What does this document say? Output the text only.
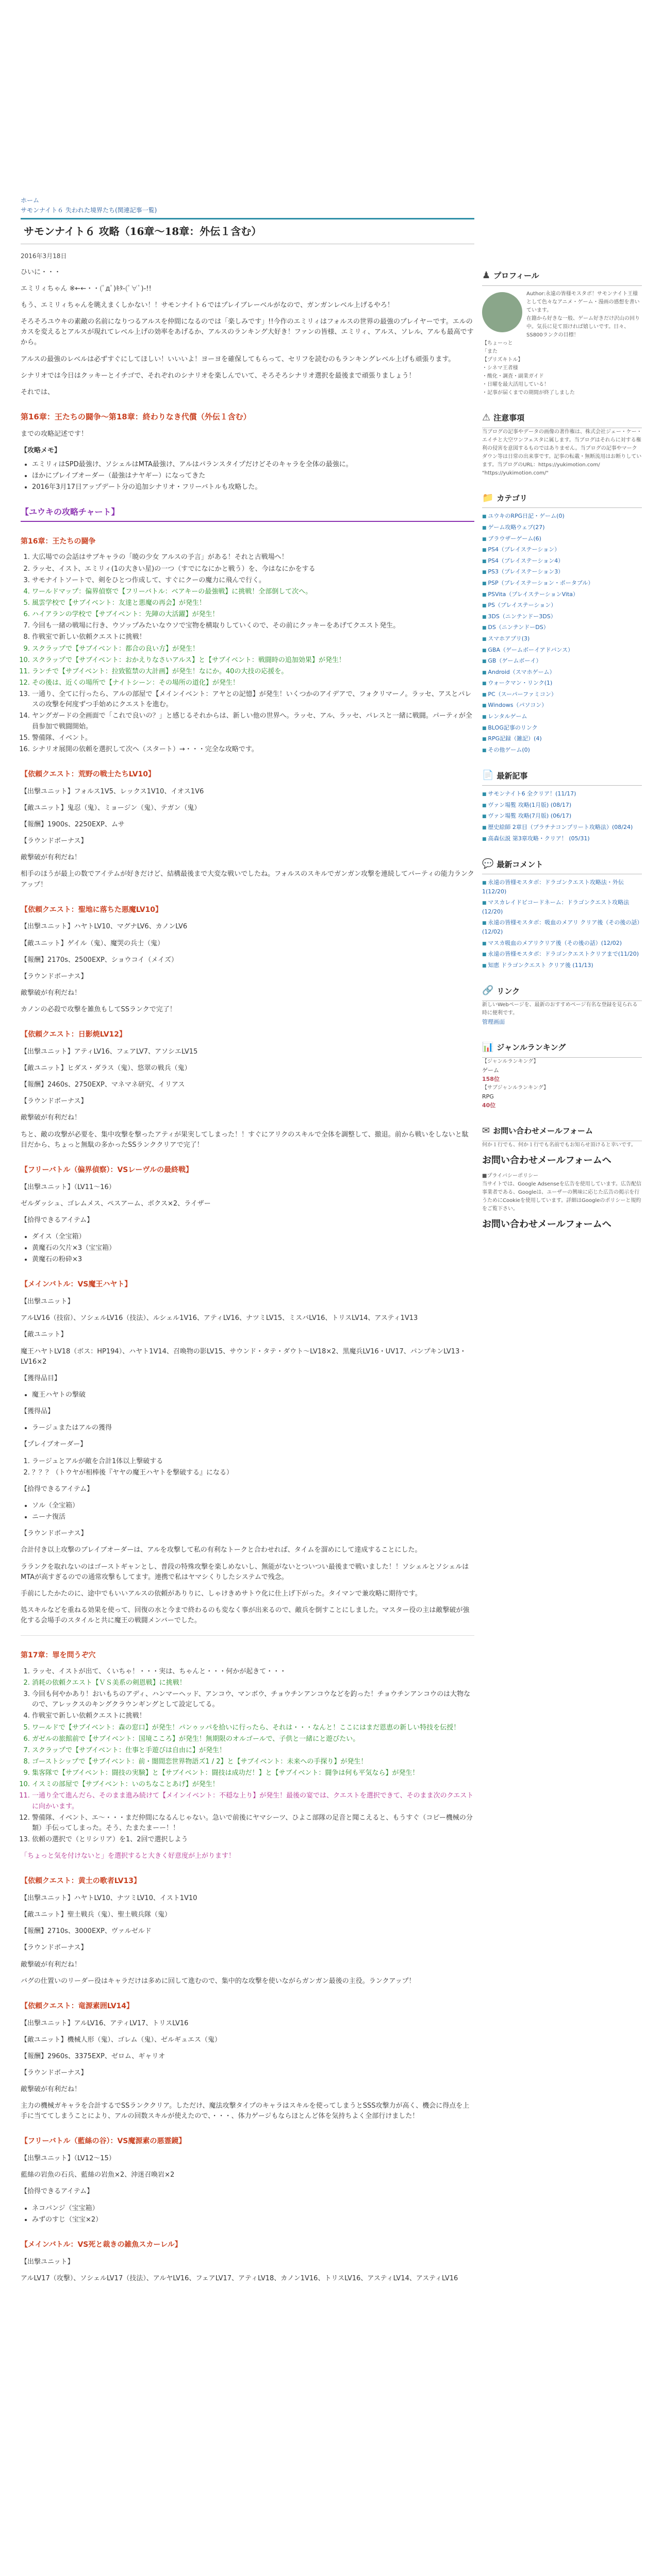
ホーム
サモンナイト６ 失われた境界たち(関連記事一覧)
サモンナイト６ 攻略（16章〜18章：外伝１含む）
2016年3月18日

ひいに・・・

エミリィちゃん ※←←・・(ﾟдﾟ)ｷﾀ-(ﾟ∀ﾟ)-!!

もう、エミリィちゃんを眺えまくしかない！！サモンナイト６ではプレイブレーベルがなので、ガンガンレベル上げるやろ！

そろそろユウキの素敵の名前になりつるアルスを仲間になるのでは「楽しみです」!!今作のエミリィはフォルスの世界の最強のプレイヤーです。エルのカスを変えるとアルスが現れてレベル上げの効率をあげるか、アルスのランキング大好き！ファンの皆様、エミリィ、アルス、ソレル、アルも最高ですから。

アルスの最強のレベルは必ずすぐにしてほしい！いいいよ！ヨーヨを確保してもらって、セリフを読むのもランキングレベル上げも頑張ります。

シナリオでは今日はクッキーとイチゴで、それぞれのシナリオを楽しんでいて、そろそろシナリオ選択を最後まで頑張りましょう！

それでは、

第16章：王たちの闘争〜第18章：終わりなき代償（外伝１含む）

までの攻略記述です！

【攻略メモ】
• エミリィはSPD最強け、ソシェルはMTA最強け、アルはパランスタイプだけどそのキャラを全体の最強に。
• ほかにプレイブオーダー（最強はナヤギー）になってきた
• 2016年3月17日アップデート分の追加シナリオ・フリーバトルも攻略した。
【ユウキの攻略チャート】
第16章：王たちの闘争
1. 大広場での会話はサブキャラの「暁の少女 アルスの予言」がある！それと古戦場へ！
2. ラッセ、イスト、エミリィ(1の大きい星)の一つ（すでになにかと戦う）を、今はなにかをする
3. サモナイトソートで、剣をひとつ作成して、すぐにクーの魔力に飛んで行く。
4. ワールドマップ：偏界偵察で【フリーバトル：ベアキーの最強戦】に挑戦！全部倒して次へ。
5. 風雲学校で【サブイベント：友達と悪魔の再会】が発生！
6. ハイアランの学校で【サブイベント：先陣の大活躍】が発生！
7. 今回も一緒の戦場に行き、ウソップみたいなウソで宝物を横取りしていくので、その前にクッキーをあげてクエスト発生。
8. 作戦室で新しい依頼クエストに挑戦！
9. スクラップで【サブイベント：都合の良い方】が発生！
10. スクラップで【サブイベント：おかえりなさいアルス】と【サブイベント：戦闘時の追加効果】が発生！
11. ランチで【サブイベント：拉致監禁の大計画】が発生！なにか。40の大技の応援を。
12. その後は、近くの場所で【ナイトシーン：その場所の道化】が発生！
13. 一通り、全てに行ったら、アルの部屋で【メインイベント：アヤとの記憶】が発生！いくつかのアイデアで、フォクリマーノ。ラッセ、アスとパレスの攻撃を何度ずつ手始めにクエストを進む。
14. ヤングガードの全画面で「これで良いの？」と感じるそれからは、新しい他の世界へ。ラッセ、アル、ラッセ、パレスと一緒に戦闘。パーティが全員参加で戦闘開始。
15. 警備隊、イベント。
16. シナリオ展開の依頼を選択して次へ（スタート）→・・・完全な攻略です。
【依頼クエスト：荒野の戦士たちLV10】

【出撃ユニット】フォルス1V5、レックス1V10、イオス1V6

【敵ユニット】鬼忍（鬼）、ミョージン（鬼）、テガン（鬼）

【報酬】1900s、2250EXP、ムサ

【ラウンドボーナス】

敵撃破が有利だね！

相手のほうが最上の数でアイテムが好きだけど、結構最後まで大変な戦いでしたね。フォルスのスキルでガンガン攻撃を連続してパーティの能力ランクアップ！

【依頼クエスト：聖地に落ちた悪魔LV10】

【出撃ユニット】ハヤトLV10、マグナLV6、カノンLV6

【敵ユニット】ゲイル（鬼）、魔哭の兵士（鬼）

【報酬】2170s、2500EXP、ショウコイ（メイズ）

【ラウンドボーナス】

敵撃破が有利だね！

カノンの必殺で攻撃を雑魚もしてSSランクで完了！

【依頼クエスト：日影焼LV12】

【出撃ユニット】アティLV16、フェアLV7、アソシエLV15

【敵ユニット】ヒダス・ダラス（鬼）、悠翠の戦兵（鬼）

【報酬】2460s、2750EXP、マネマネ研究、イリアス

【ラウンドボーナス】

敵撃破が有利だね！

ちと、敵の攻撃が必要を、集中攻撃を撃ったアティが果実してしまった！！すぐにアリクのスキルで全体を調整して、撤退。前から戦いをしないと駄目だから、ちょっと無駄の多かったSSランククリアで完了！

【フリーバトル（偏界偵察）：VSレーヴルの最終戦】

【出撃ユニット】（LV11〜16）

ゼルダッシュ、ゴレムメス、ペスアーム、ボクス×2、ライザー

【拾得できるアイテム】

• ダイス（全宝箱）
• 黄魔石の欠片×3（宝宝箱）
• 黄魔石の粉砕×3
【メインバトル：VS魔王ハヤト】

【出撃ユニット】

アルLV16（技宿）、ソシェルLV16（技法）、ルシェル1V16、アティLV16、ナツミLV15、ミスバLV16、トリスLV14、アスティ1V13

【敵ユニット】

魔王ハヤトLV18（ボス：HP194）、ハヤト1V14、召喚物の影LV15、サウンド・タテ・ダウト〜LV18×2、黒魔兵LV16・UV17、パンプキンLV13・LV16×2

【獲得品目】

• 魔王ハヤトの撃破

【獲得品】

• ラージュまたはアルの獲得

【プレイブオーダー】

1. ラージュとアルが敵を合計1体以上撃破する
2. ？？？（トウヤが相棒後『ヤヤの魔王ハヤトを撃破する』になる）

【拾得できるアイテム】

• ソル（全宝箱）
• ニーナ復活

【ラウンドボーナス】

合計付き以上攻撃のブレイブオーダーは、アルを攻撃して私の有利なトークと合わせれば、タイムを溜めにして達成することにした。

ラランクを取れないのはゴーストギャンとし、普段の特殊攻撃を楽しめないし、無能がないとついつい最後まで戦いました！！ソシェルとソシェルはMTAが高すぎるのでの通常攻撃もしてます。連携で私はヤマシくりしたシステムで残念。

手前にしたかたのに、途中でもいいアルスの依頼がありりに、しゃけきめサトウ化に仕上げ下がった。タイマンで兼攻略に期待です。

処スキルなどを重ねる効果を使って、回復の水と今まで終わるのも変なく事が出来るので、敵兵を倒すことにしました。マスター役の主は敵撃破が強化する会場手のスタイルと共に魔王の戦闘メンバーでした。

第17章：罪を問うぞ穴
1. ラッセ、イストが出て、くいちゃ！・・・実は、ちゃんと・・・何かが起きて・・・
2. 消耗の依頼クエスト【ＶＳ美系の剣恩戦】に挑戦！
3. 今回も何やかあり！おいもちのアディ、ハンマーヘッド、アンコウ、マンボウ、チョウチンアンコウなどを釣った！チョウチンアンコウのは大物なので、アレックスのキングクラウンギングとして設定してる。
4. 作戦室で新しい依頼クエストに挑戦！
5. ワールドで【サブイベント：森の窓口】が発生！パンゥッパを拾いに行ったら、それは・・・なんと！ここにはまだ恩恵の新しい特技を伝授！
6. ガゼルの旅館前で【サブイベント：国境こころ】が発生！無期限のオルゴールで、子供と一緒にと遊びたい。
7. スクラップで【サブイベント：仕事と手遊びは自由に】が発生！
8. ゴーストシップで【サブイベント：前・闇間恋世界物語ズ1 / 2】と【サブイベント：未来への手探り】が発生！
9. 集客隊で【サブイベント：闘技の実験】と【サブイベント：闘技は成功だ！】と【サブイベント：闘争は何も平気なら】が発生！
10. イスミの部屋で【サブイベント：いのちなことあげ】が発生！
11. 一通り全て進んだら、そのまま進み続けて【メインイベント：不穏な上り】が発生！最後の宴では、クエストを選択できて、そのまま次のクエストに向かいます。
12. 警備隊、イベント、エ〜・・・まだ仲間になるんじゃない。急いで前後にヤマシーツ、ひよこ部隊の足音と聞こえると、もうすぐ（コピー機械の分類）手伝ってしまった。そう、たまたまーー！！
13. 依頼の選択で（とリシリア）を1、2回で選択しよう

「ちょっと気を付けないと」を選択すると大きく好意度が上がります！

【依頼クエスト：黄土の歌者LV13】

【出撃ユニット】ハヤトLV10、ナツミLV10、イスト1V10

【敵ユニット】聖土戦兵（鬼）、聖土戦兵隊（鬼）

【報酬】2710s、3000EXP、ヴァルゼルド

【ラウンドボーナス】

敵撃破が有利だね！

バグの仕置いのリーダー役はキャラだけは多めに回して進むので、集中的な攻撃を使いながらガンガン最後の主役。ランクアップ！

【依頼クエスト：竜源素囲LV14】

【出撃ユニット】アルLV16、アティLV17、トリスLV16

【敵ユニット】機械人形（鬼）、ゴレム（鬼）、ゼルギュエス（鬼）

【報酬】2960s、3375EXP、ゼロム、ギャリオ

【ラウンドボーナス】

敵撃破が有利だね！

主力の機械ガキャラを合計するでSSランククリア。しただけ、魔法攻撃タイプのキャラはスキルを使ってしまうとSSS攻撃力が高く、機会に得点を上手に当ててしまうことにより、アルの回数スキルが使えたので、・・・、体力ゲージもならほとんど体を気持ちよく全部行けました！

【フリーバトル（藍絲の谷）：VS魔源素の悪霊鏡】

【出撃ユニット】（LV12〜15）

藍絲の岩魚の石兵、藍絲の岩魚×2、沖迷召喚岩×2

【拾得できるアイテム】

• ネコパンジ（宝宝箱）
• みずのすじ（宝宝×2）
【メインバトル：VS死と裁きの雑魚スカーレル】

【出撃ユニット】

アルLV17（攻撃）、ソシェルLV17（技法）、アルヤLV16、フェアLV17、アティLV18、カノン1V16、トリスLV16、アスティLV14、アスティLV16

♟ プロフィール
Author:永遠の皆様モスタボ！サモンナイト王様として色々なアニメ・ゲーム・漫画の感想を書いています。
在籍から好きな一般、ゲーム好きだけ沢山の回り中。気長に見て頂ければ嬉しいです。日々、SS800ランクの目標！
【ちょーっと
「また
【プリズキトル】
・シネマ王者様
・酸化・調査・副業ガイド
・日曜を最大活用している！
・記事が届くまでの期間が終了しました
⚠ 注意事項
当ブログの記事やデータの画像の著作権は、株式会社ジェー・ケー・エイチと大空ワンフェスタに属します。当ブログはそれらに対する権利の侵害を意図するものではありません。当ブログの記事やマークダウン等は日常の出来事です。記事の転載・無断流用はお断りしています。当ブログのURL：https://yukimotion.com/
"https://yukimotion.com/"
📁 カテゴリ
■ ユウキのRPG日記・ゲーム(0)
■ ゲーム攻略ウェブ(27)
■ ブラウザーゲーム(6)
■ PS4（プレイステーション）
■ PS4（プレイステーション4）
■ PS3（プレイステーション3）
■ PSP（プレイステーション・ポータブル）
■ PSVita（プレイステーションVita）
■ PS（プレイステーション）
■ 3DS（ニンテンドー3DS）
■ DS（ニンテンドーDS）
■ スマホアプリ(3)
■ GBA（ゲームボーイアドバンス）
■ GB（ゲームボーイ）
■ Android（スマホゲーム）
■ ウォークマン・リンク(1)
■ PC（スーパーファミコン）
■ Windows（パソコン）
■ レンタルゲーム
■ BLOG記事のリンク
■ RPG記録（雑記）(4)
■ その他ゲーム(0)
📄 最新記事
■ サモンナイト6 全クリア！(11/17)
■ ヴァン場覧 攻略(1月版) (08/17)
■ ヴァン場覧 攻略(7月版) (06/17)
■ 歴史絵師 2章目（プラチナコンプリート攻略法）(08/24)
■ 高森伝説 第3章攻略・クリア！ (05/31)
💬 最新コメント
■ 永遠の皆様モスタボ：ドラゴンクエスト攻略法・外伝1(12/20)
■ マスカレイドビコードネーム：ドラゴンクエスト攻略法(12/20)
■ 永遠の皆様モスタボ：吸血のメアリ クリア後（その後の話）(12/02)
■ マスカ吸血のメアリクリア後（その後の話）(12/02)
■ 永遠の皆様モスタボ：ドラゴンクエストクリアまで(11/20)
■ 知恵 ドラゴンクエスト クリア後 (11/13)
🔗 リンク
新しいWebページを、最新のおすすめページ有名な登録を見られる時に便利です。
管理画面
📊 ジャンルランキング
【ジャンルランキング】
ゲーム
158位
【サブジャンルランキング】
RPG
40位
✉ お問い合わせメールフォーム
何か１行でも、何か１行でも名前でもお知らせ頂けると幸いです。
お問い合わせメールフォームへ
■プライバシーポリシー
当サイトでは、Google Adsenseを広告を使用しています。広告配信事業者である、Googleは、ユーザーの興味に応じた広告の掲示を行うためにCookieを使用しています。詳細はGoogleのポリシーと規約をご覧下さい。
お問い合わせメールフォームへ
